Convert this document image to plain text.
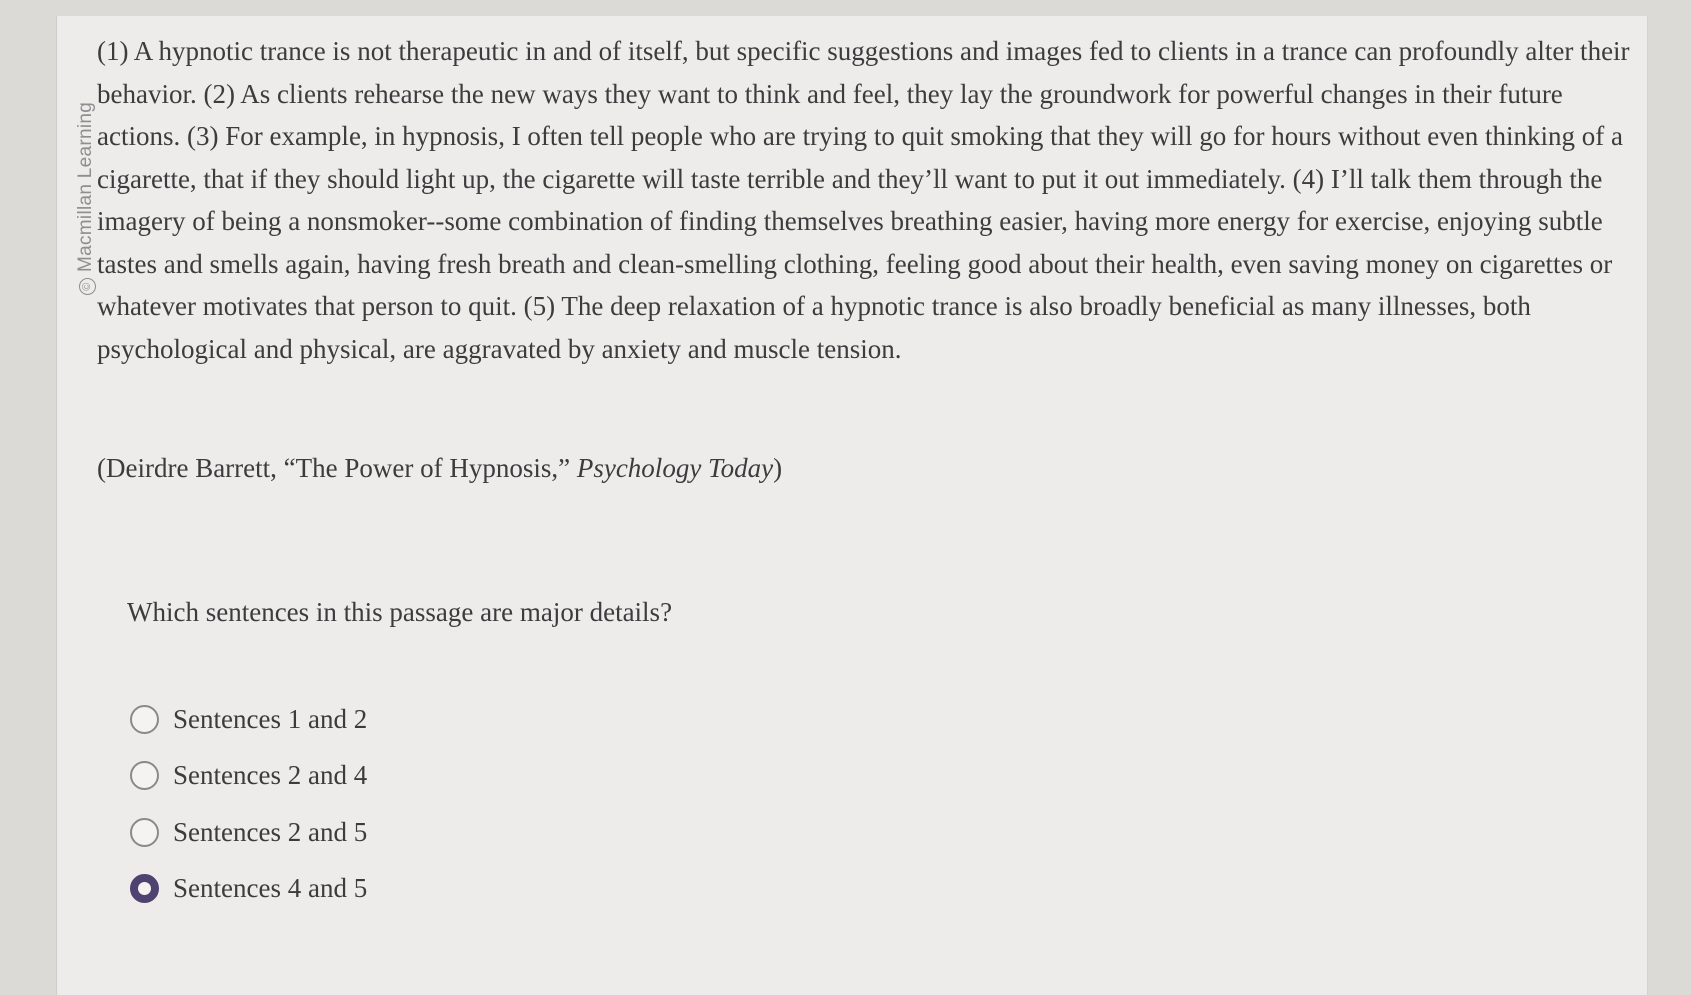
©Macmillan Learning

(1) A hypnotic trance is not therapeutic in and of itself, but specific suggestions and images fed to clients in a trance can profoundly alter their behavior. (2) As clients rehearse the new ways they want to think and feel, they lay the groundwork for powerful changes in their future actions. (3) For example, in hypnosis, I often tell people who are trying to quit smoking that they will go for hours without even thinking of a cigarette, that if they should light up, the cigarette will taste terrible and they’ll want to put it out immediately. (4) I’ll talk them through the imagery of being a nonsmoker--some combination of finding themselves breathing easier, having more energy for exercise, enjoying subtle tastes and smells again, having fresh breath and clean-smelling clothing, feeling good about their health, even saving money on cigarettes or whatever motivates that person to quit. (5) The deep relaxation of a hypnotic trance is also broadly beneficial as many illnesses, both psychological and physical, are aggravated by anxiety and muscle tension.

(Deirdre Barrett, “The Power of Hypnosis,” Psychology Today)

Which sentences in this passage are major details?

Sentences 1 and 2
Sentences 2 and 4
Sentences 2 and 5
Sentences 4 and 5
